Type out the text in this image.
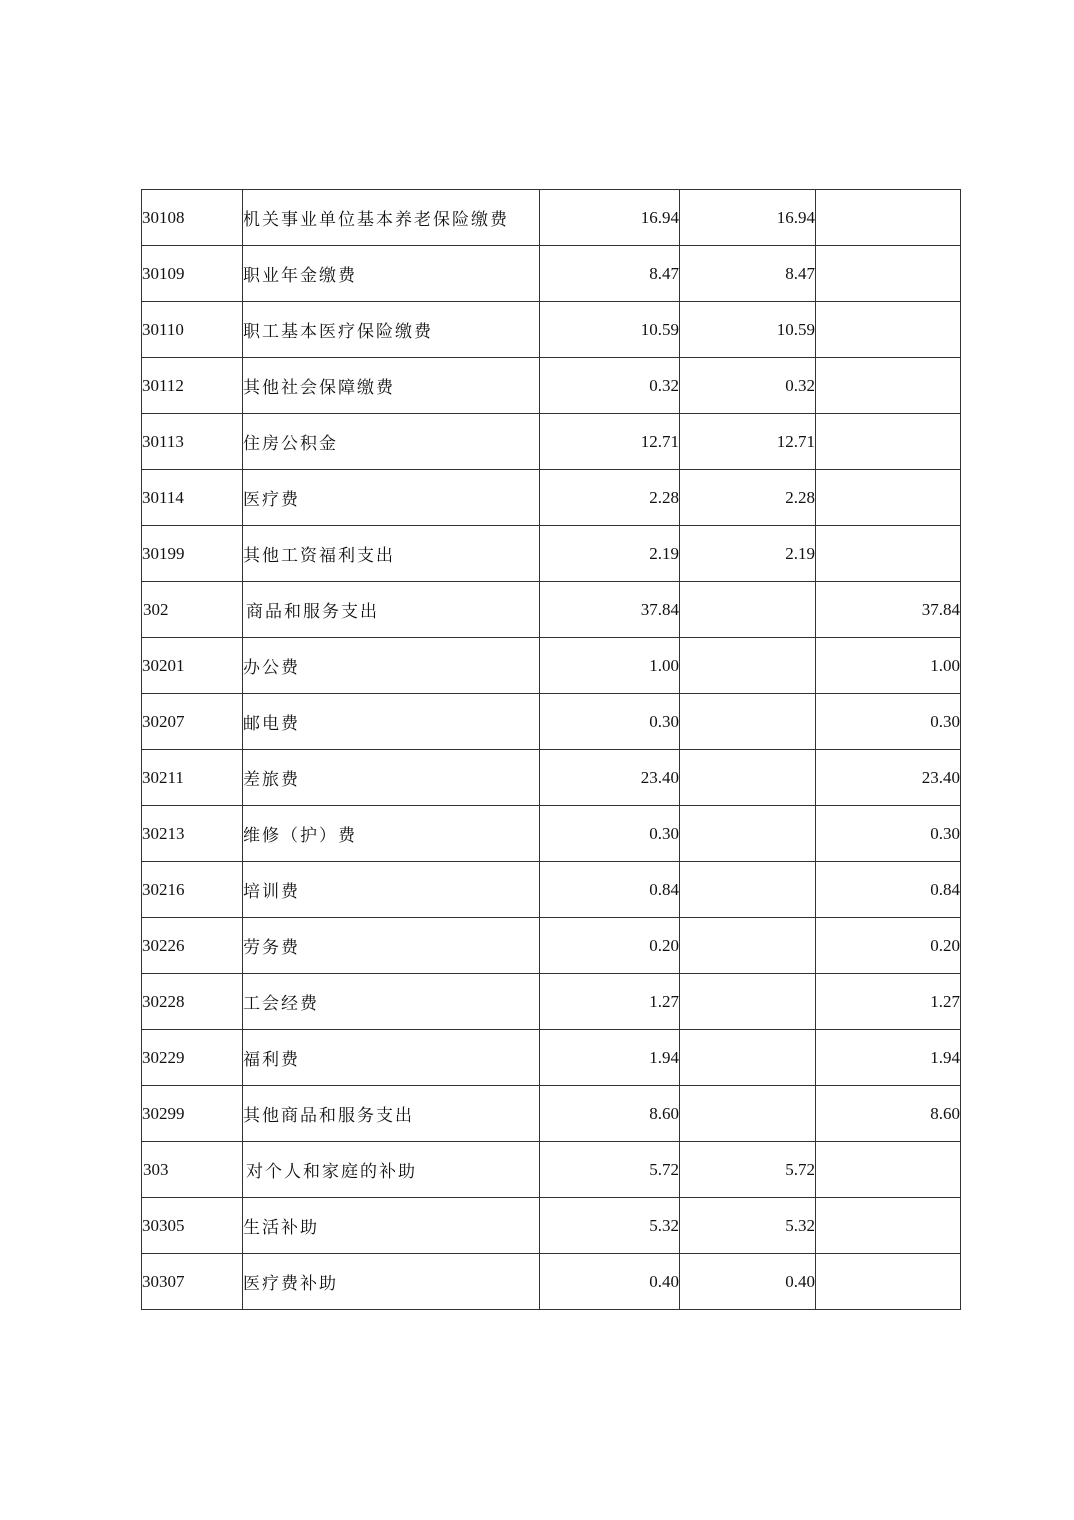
30108	机关事业单位基本养老保险缴费	16.94	16.94	
30109	职业年金缴费	8.47	8.47	
30110	职工基本医疗保险缴费	10.59	10.59	
30112	其他社会保障缴费	0.32	0.32	
30113	住房公积金	12.71	12.71	
30114	医疗费	2.28	2.28	
30199	其他工资福利支出	2.19	2.19	
302	商品和服务支出	37.84		37.84
30201	办公费	1.00		1.00
30207	邮电费	0.30		0.30
30211	差旅费	23.40		23.40
30213	维修（护）费	0.30		0.30
30216	培训费	0.84		0.84
30226	劳务费	0.20		0.20
30228	工会经费	1.27		1.27
30229	福利费	1.94		1.94
30299	其他商品和服务支出	8.60		8.60
303	对个人和家庭的补助	5.72	5.72	
30305	生活补助	5.32	5.32	
30307	医疗费补助	0.40	0.40	
